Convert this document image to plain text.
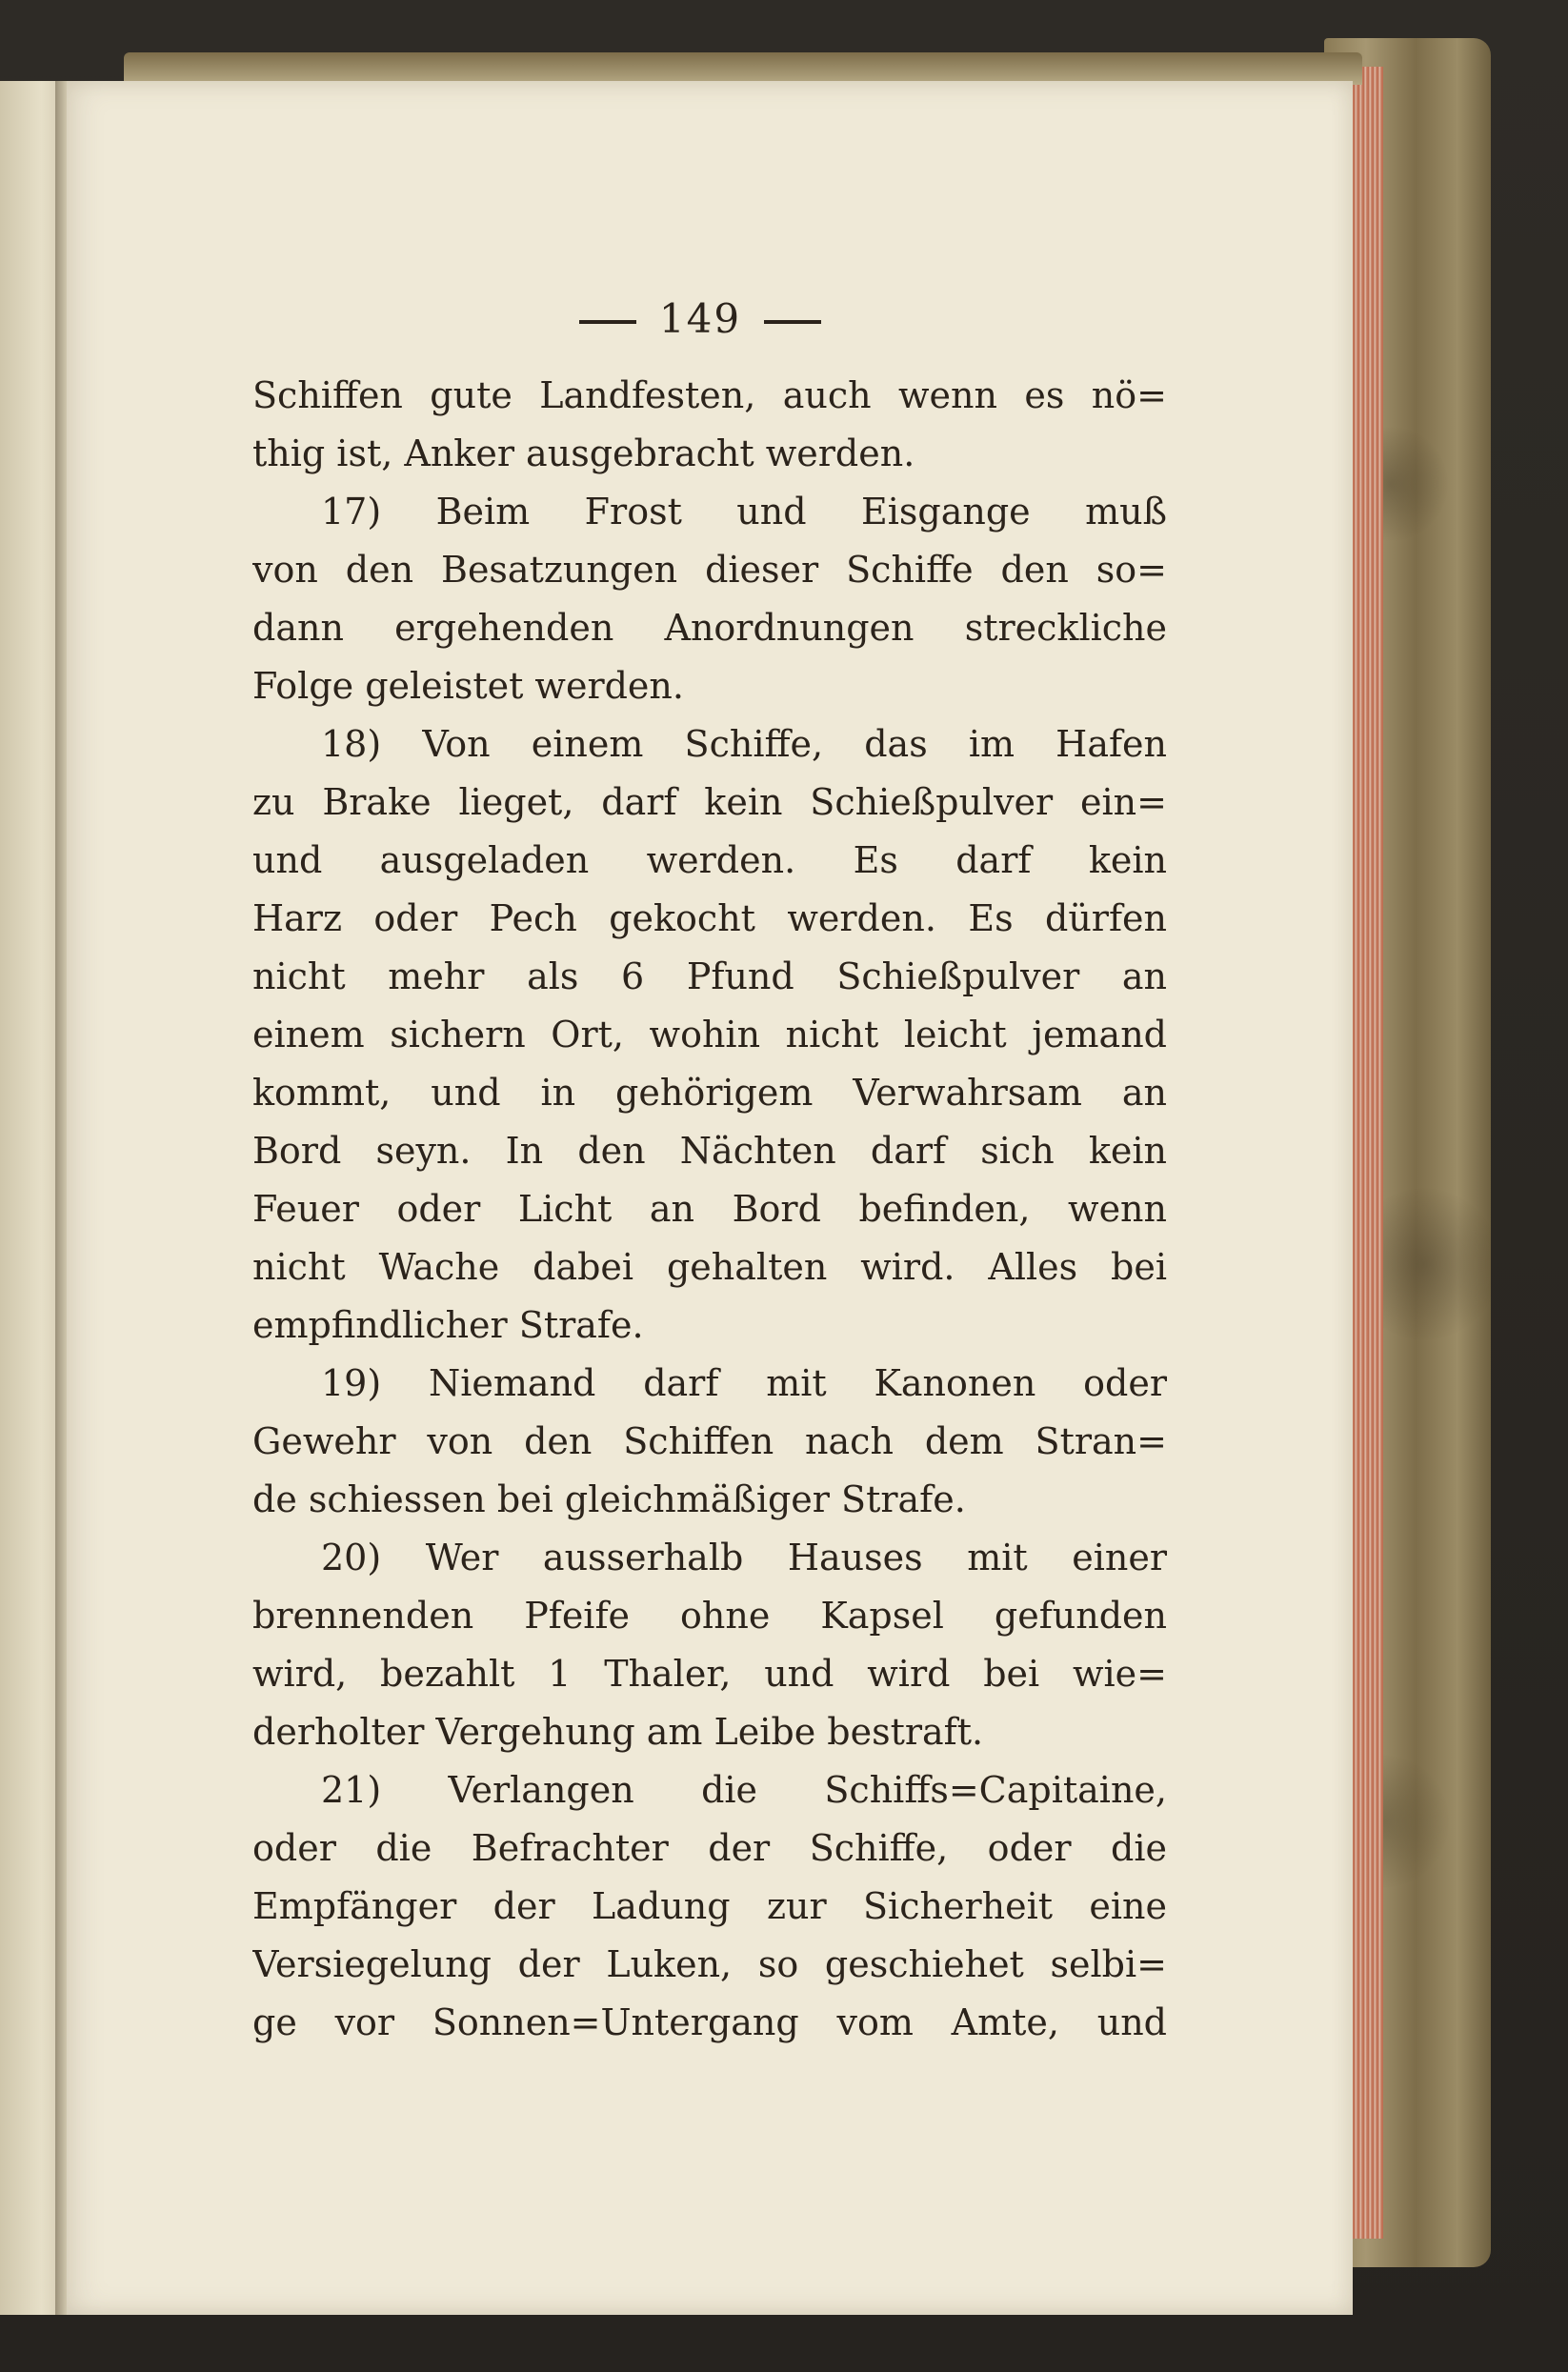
149
Schiffen gute Landfesten, auch wenn es nö=
thig ist, Anker ausgebracht werden.
17) Beim Frost und Eisgange muß
von den Besatzungen dieser Schiffe den so=
dann ergehenden Anordnungen streckliche
Folge geleistet werden.
18) Von einem Schiffe, das im Hafen
zu Brake lieget, darf kein Schießpulver ein=
und ausgeladen werden. Es darf kein
Harz oder Pech gekocht werden. Es dürfen
nicht mehr als 6 Pfund Schießpulver an
einem sichern Ort, wohin nicht leicht jemand
kommt, und in gehörigem Verwahrsam an
Bord seyn. In den Nächten darf sich kein
Feuer oder Licht an Bord befinden, wenn
nicht Wache dabei gehalten wird. Alles bei
empfindlicher Strafe.
19) Niemand darf mit Kanonen oder
Gewehr von den Schiffen nach dem Stran=
de schiessen bei gleichmäßiger Strafe.
20) Wer ausserhalb Hauses mit einer
brennenden Pfeife ohne Kapsel gefunden
wird, bezahlt 1 Thaler, und wird bei wie=
derholter Vergehung am Leibe bestraft.
21) Verlangen die Schiffs=Capitaine,
oder die Befrachter der Schiffe, oder die
Empfänger der Ladung zur Sicherheit eine
Versiegelung der Luken, so geschiehet selbi=
ge vor Sonnen=Untergang vom Amte, und
